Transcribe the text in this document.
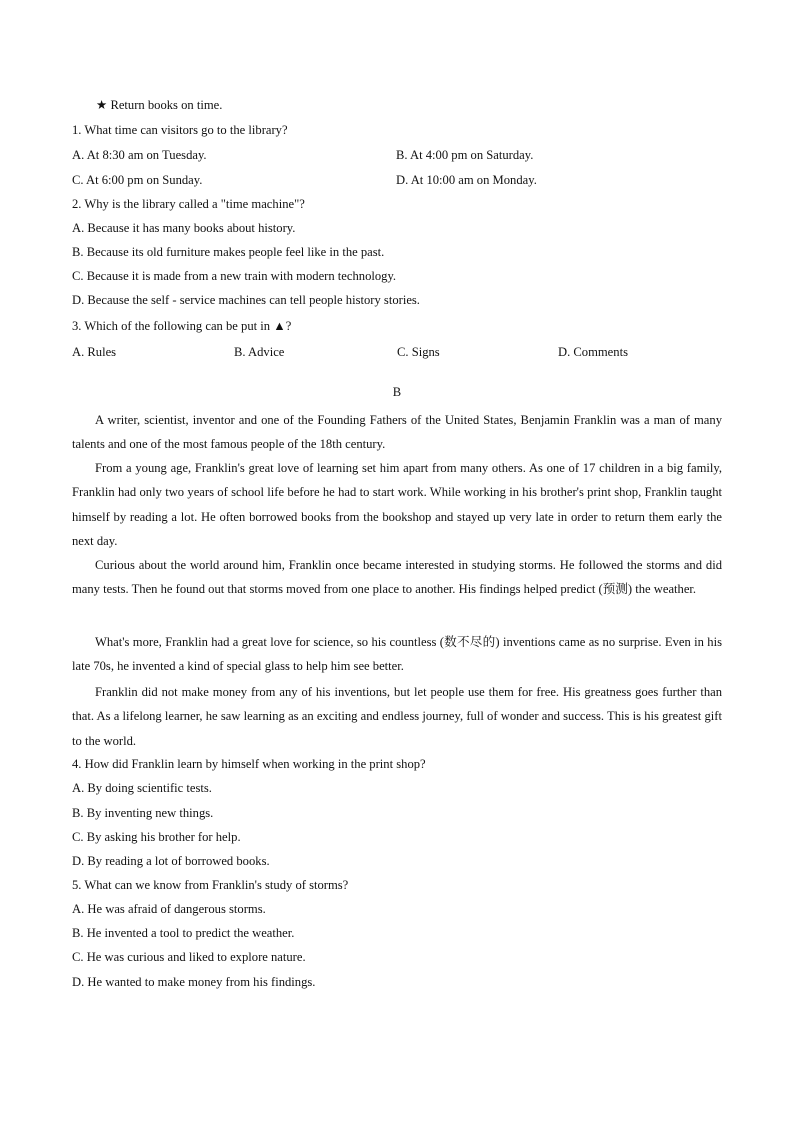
★ Return books on time.
1. What time can visitors go to the library?
A. At 8:30 am on Tuesday.	B. At 4:00 pm on Saturday.
C. At 6:00 pm on Sunday.	D. At 10:00 am on Monday.
2. Why is the library called a "time machine"?
A. Because it has many books about history.
B. Because its old furniture makes people feel like in the past.
C. Because it is made from a new train with modern technology.
D. Because the self - service machines can tell people history stories.
3. Which of the following can be put in ▲?
A. Rules	B. Advice	C. Signs	D. Comments
B
A writer, scientist, inventor and one of the Founding Fathers of the United States, Benjamin Franklin was a man of many talents and one of the most famous people of the 18th century.
From a young age, Franklin's great love of learning set him apart from many others. As one of 17 children in a big family, Franklin had only two years of school life before he had to start work. While working in his brother's print shop, Franklin taught himself by reading a lot. He often borrowed books from the bookshop and stayed up very late in order to return them early the next day.
Curious about the world around him, Franklin once became interested in studying storms. He followed the storms and did many tests. Then he found out that storms moved from one place to another. His findings helped predict (预测) the weather.
What's more, Franklin had a great love for science, so his countless (数不尽的) inventions came as no surprise. Even in his late 70s, he invented a kind of special glass to help him see better.
Franklin did not make money from any of his inventions, but let people use them for free. His greatness goes further than that. As a lifelong learner, he saw learning as an exciting and endless journey, full of wonder and success. This is his greatest gift to the world.
4. How did Franklin learn by himself when working in the print shop?
A. By doing scientific tests.
B. By inventing new things.
C. By asking his brother for help.
D. By reading a lot of borrowed books.
5. What can we know from Franklin's study of storms?
A. He was afraid of dangerous storms.
B. He invented a tool to predict the weather.
C. He was curious and liked to explore nature.
D. He wanted to make money from his findings.
